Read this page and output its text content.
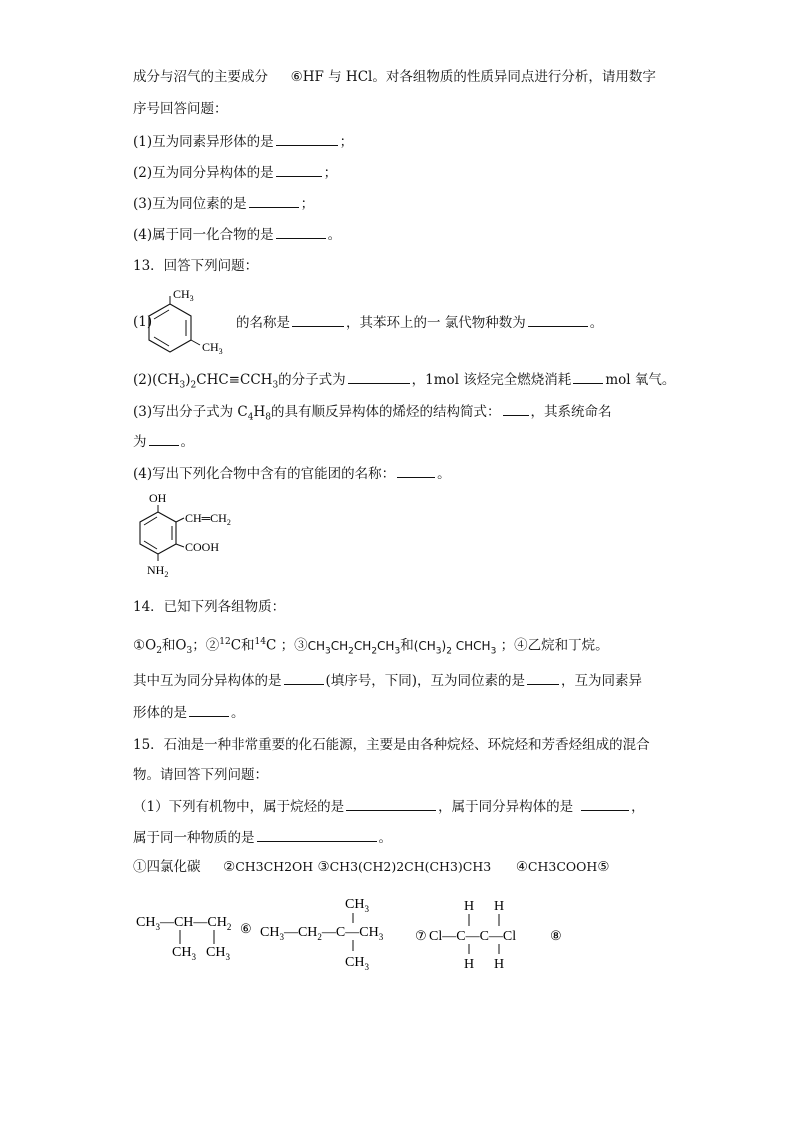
成分与沼气的主要成分 ⑥HF 与 HCl。对各组物质的性质异同点进行分析，请用数字
序号回答问题：
(1)互为同素异形体的是	；
(2)互为同分异构体的是	；
(3)互为同位素的是	；
(4)属于同一化合物的是	。
13．回答下列问题：
(1)
$CH_3$
$CH_3$
的名称是	，其苯环上的一 氯代物种数为	。
$(2)(CH_3)_2CHC\equiv CCH_3$的分子式为	，1mol 该烃完全燃烧消耗	mol 氧气。
(3)写出分子式为 $C_4H_8$的具有顺反异构体的烯烃的结构简式： ，其系统命名
为	。
(4)写出下列化合物中含有的官能团的名称：	。
OH
$CH═CH_2$
COOH
$NH_2$
14．已知下列各组物质：
$①O_2$和$O_3$；②$^{12}$C和$^{14}$C ；$③CH_3CH_2CH_2CH_3$和$(CH_3)_2$ $CHCH_3$ ；④乙烷和丁烷。
其中互为同分异构体的是	(填序号，下同)，互为同位素的是	，互为同素异
形体的是	。
15．石油是一种非常重要的化石能源，主要是由各种烷烃、环烷烃和芳香烃组成的混合
物。请回答下列问题：
（1）下列有机物中，属于烷烃的是	，属于同分异构体的是	，
属于同一种物质的是	。
①四氯化碳 ②CH3CH2OH ③CH3(CH2)2CH(CH3)CH3 ④CH3COOH⑤
$CH_3—CH—CH_2$
$CH_3$ $CH_3$
⑥ $CH_3—CH_2—C—CH_3$
$CH_3$
$CH_3$
⑦ Cl—C—C—Cl
H H
H H
⑧
